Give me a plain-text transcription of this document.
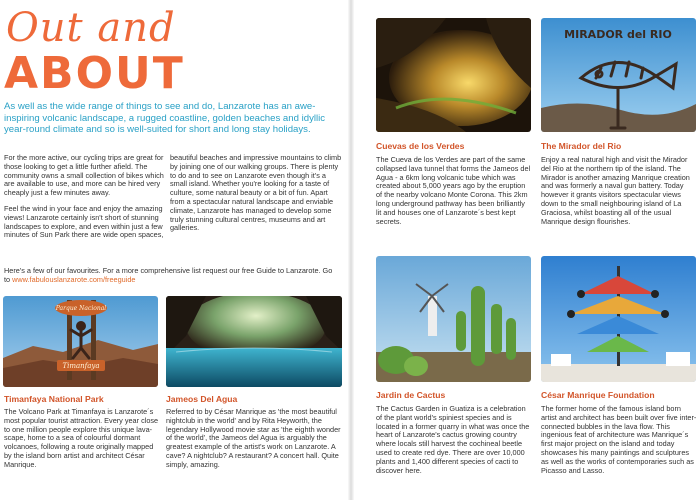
Out and
ABOUT
As well as the wide range of things to see and do, Lanzarote has an awe-inspiring volcanic landscape, a rugged coastline, golden beaches and idyllic year-round climate and so is well-suited for short and long stay holidays.

For the more active, our cycling trips are great for those looking to get a little further afield. The community owns a small collection of bikes which are available to use, and more can be hired very cheaply just a few minutes away.

Feel the wind in your face and enjoy the amazing views! Lanzarote certainly isn't short of stunning landscapes to explore, and even within just a few minutes of Sun Park there are wide open spaces,

beautiful beaches and impressive mountains to climb by joining one of our walking groups. There is plenty to do and to see on Lanzarote even though it's a small island. Whether you're looking for a taste of culture, some natural beauty or a bit of fun. Apart from a spectacular natural landscape and enviable climate, Lanzarote has managed to develop some truly stunning cultural centres, museums and art galleries.

Here's a few of our favourites. For a more comprehensive list request our free Guide to Lanzarote. Go to www.fabulouslanzarote.com/freeguide
Parque Nacional
Timanfaya
Timanfaya National Park
The Volcano Park at Timanfaya is Lanzarote´s most popular tourist attraction. Every year close to one million people explore this unique lava-scape, home to a sea of colourful dormant volcanoes, following a route originally mapped by the island born artist and architect César Manrique.
Jameos Del Agua
Referred to by César Manrique as 'the most beautiful nightclub in the world' and by Rita Heyworth, the legendary Hollywood movie star as 'the eighth wonder of the world', the Jameos del Agua is arguably the greatest example of the artist's work on Lanzarote. A cave? A nightclub? A restaurant? A concert hall. Quite simply, amazing.
MIRADOR del RIO
Cuevas de los Verdes
The Cueva de los Verdes are part of the same collapsed lava tunnel that forms the Jameos del Agua - a 6km long volcanic tube which was created about 5,000 years ago by the eruption of the nearby volcano Monte Corona. This 2km long underground pathway has been brilliantly lit and houses one of Lanzarote´s best kept secrets.
The Mirador del Rio
Enjoy a real natural high and visit the Mirador del Rio at the northern tip of the island. The Mirador is another amazing Manrique creation and was formerly a naval gun battery. Today however it grants visitors spectacular views down to the small neighbouring island of La Graciosa, whilst boasting all of the usual Manrique design flourishes.
Jardin de Cactus
The Cactus Garden in Guatiza is a celebration of the plant world's spiniest species and is located in a former quarry in what was once the heart of Lanzarote's cactus growing country where locals still harvest the cochineal beetle used to create red dye. There are over 10,000 plants and 1,400 different species of cacti to discover here.
César Manrique Foundation
The former home of the famous island born artist and architect has been built over five inter-connected bubbles in the lava flow. This ingenious feat of architecture was Manrique´s first major project on the island and today showcases his many paintings and sculptures as well as the works of contemporaries such as Picasso and Lasso.
